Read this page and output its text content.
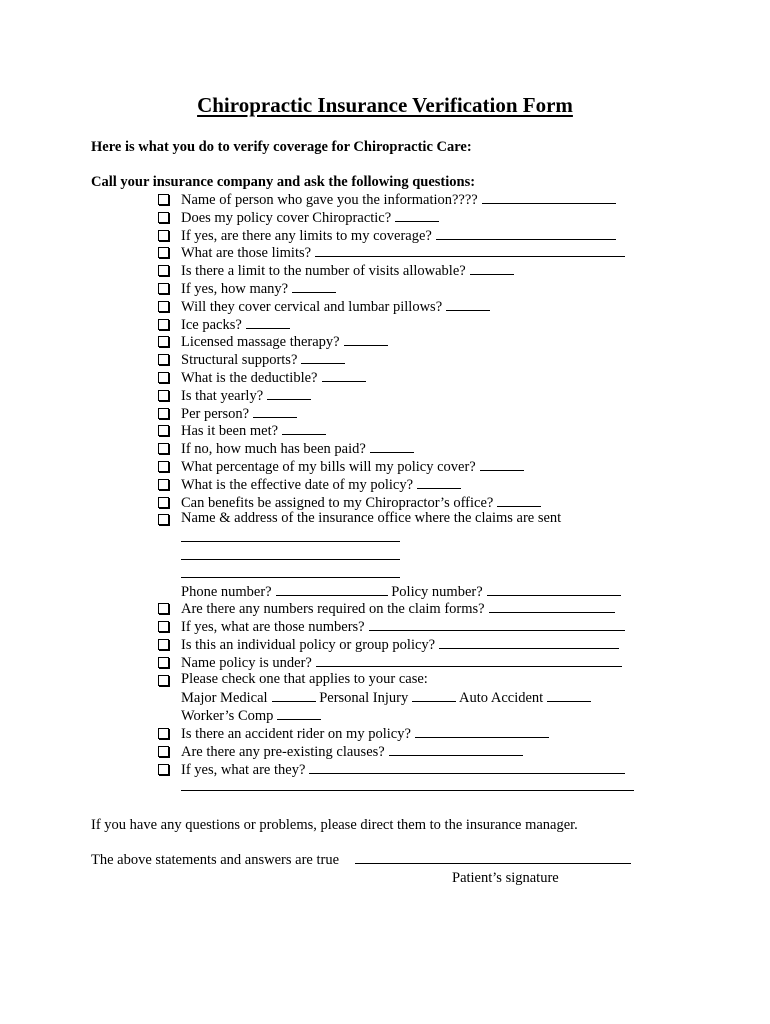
Chiropractic Insurance Verification Form
Here is what you do to verify coverage for Chiropractic Care:
Call your insurance company and ask the following questions:
Name of person who gave you the information????
Does my policy cover Chiropractic?
If yes, are there any limits to my coverage?
What are those limits?
Is there a limit to the number of visits allowable?
If yes, how many?
Will they cover cervical and lumbar pillows?
Ice packs?
Licensed massage therapy?
Structural supports?
What is the deductible?
Is that yearly?
Per person?
Has it been met?
If no, how much has been paid?
What percentage of my bills will my policy cover?
What is the effective date of my policy?
Can benefits be assigned to my Chiropractor’s office?
Name & address of the insurance office where the claims are sent
Phone number?	Policy number?
Are there any numbers required on the claim forms?
If yes, what are those numbers?
Is this an individual policy or group policy?
Name policy is under?
Please check one that applies to your case:
Major Medical	Personal Injury	Auto Accident
Worker’s Comp
Is there an accident rider on my policy?
Are there any pre-existing clauses?
If yes, what are they?
If you have any questions or problems, please direct them to the insurance manager.
The above statements and answers are true
Patient’s signature
